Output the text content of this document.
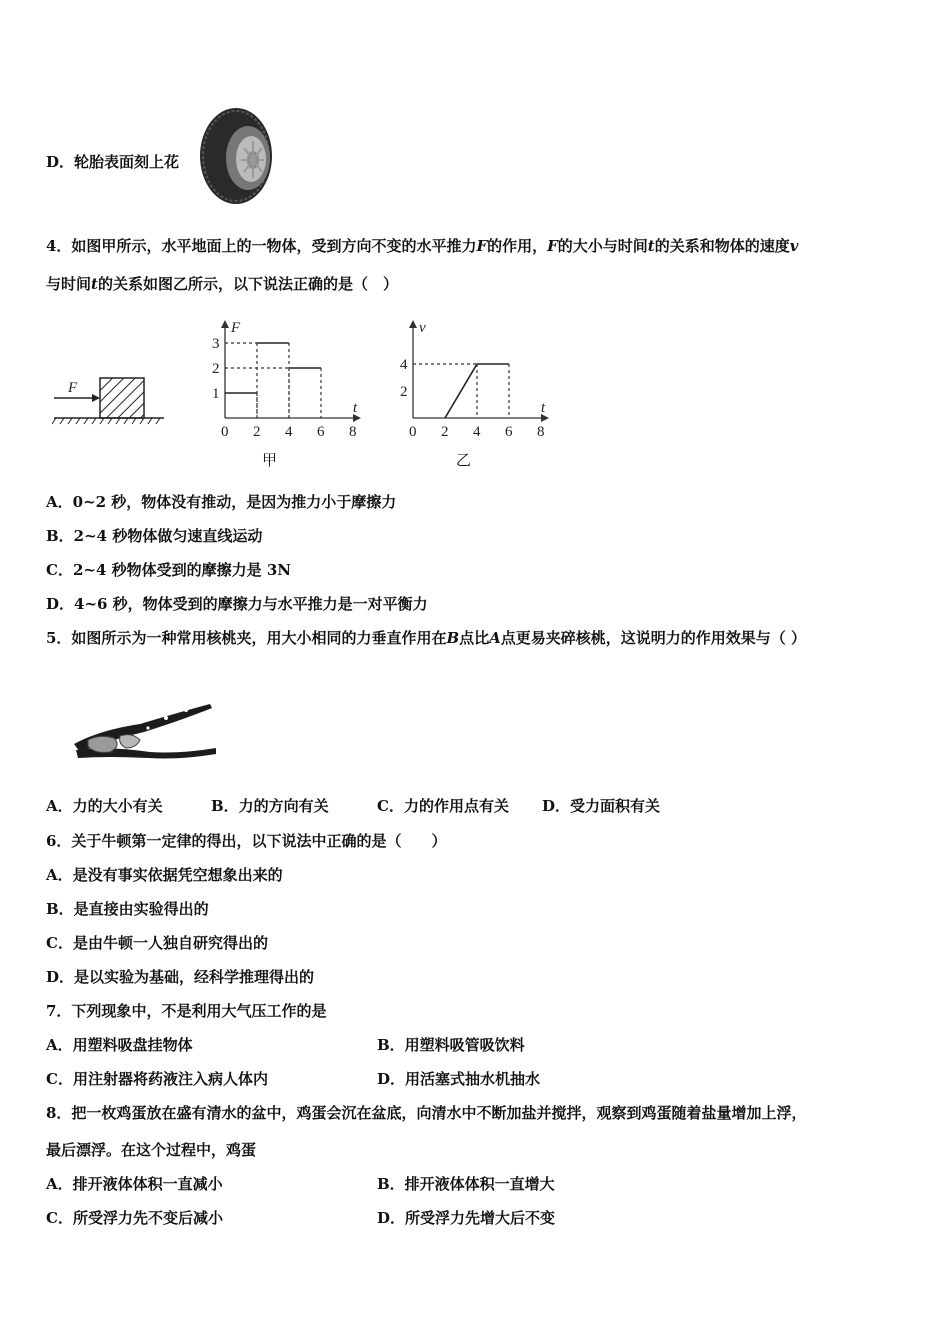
D．轮胎表面刻上花
4．如图甲所示，水平地面上的一物体，受到方向不变的水平推力F的作用，F的大小与时间t的关系和物体的速度v
与时间t的关系如图乙所示，以下说法正确的是（　）
F
F
t
0 2 4 6 8
1
2
3
v
t
0 2 4 6 8
2
4
甲	乙
A．0~2 秒，物体没有推动，是因为推力小于摩擦力
B．2~4 秒物体做匀速直线运动
C．2~4 秒物体受到的摩擦力是 3N
D．4~6 秒，物体受到的摩擦力与水平推力是一对平衡力
5．如图所示为一种常用核桃夹，用大小相同的力垂直作用在B点比A点更易夹碎核桃，这说明力的作用效果与（ ）
A．力的大小有关	B．力的方向有关	C．力的作用点有关 D．受力面积有关
6．关于牛顿第一定律的得出，以下说法中正确的是（　　）
A．是没有事实依据凭空想象出来的
B．是直接由实验得出的
C．是由牛顿一人独自研究得出的
D．是以实验为基础，经科学推理得出的
7．下列现象中，不是利用大气压工作的是
A．用塑料吸盘挂物体	B．用塑料吸管吸饮料
C．用注射器将药液注入病人体内	D．用活塞式抽水机抽水
8．把一枚鸡蛋放在盛有清水的盆中，鸡蛋会沉在盆底，向清水中不断加盐并搅拌，观察到鸡蛋随着盐量增加上浮，
最后漂浮。在这个过程中，鸡蛋
A．排开液体体积一直减小	B．排开液体体积一直增大
C．所受浮力先不变后减小	D．所受浮力先增大后不变
